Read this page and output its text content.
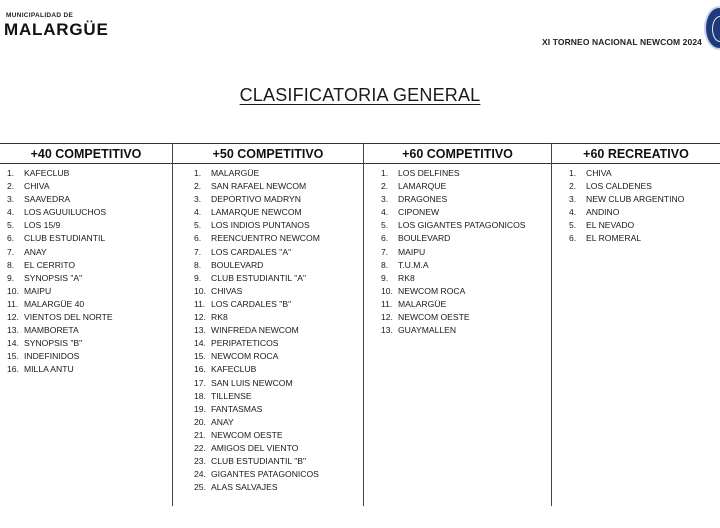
MUNICIPALIDAD DE
MALARGÜE
XI TORNEO NACIONAL NEWCOM 2024
CLASIFICATORIA GENERAL
+40 COMPETITIVO
1. KAFECLUB
2. CHIVA
3. SAAVEDRA
4. LOS AGUUILUCHOS
5. LOS 15/9
6. CLUB ESTUDIANTIL
7. ANAY
8. EL CERRITO
9. SYNOPSIS "A"
10. MAIPU
11. MALARGÜE 40
12. VIENTOS DEL NORTE
13. MAMBORETA
14. SYNOPSIS "B"
15. INDEFINIDOS
16. MILLA ANTU
+50 COMPETITIVO
1. MALARGÜE
2. SAN RAFAEL NEWCOM
3. DEPORTIVO MADRYN
4. LAMARQUE NEWCOM
5. LOS INDIOS PUNTANOS
6. REENCUENTRO NEWCOM
7. LOS CARDALES "A"
8. BOULEVARD
9. CLUB ESTUDIANTIL "A"
10. CHIVAS
11. LOS CARDALES "B"
12. RK8
13. WINFREDA NEWCOM
14. PERIPATETICOS
15. NEWCOM ROCA
16. KAFECLUB
17. SAN LUIS NEWCOM
18. TILLENSE
19. FANTASMAS
20. ANAY
21. NEWCOM OESTE
22. AMIGOS DEL VIENTO
23. CLUB ESTUDIANTIL "B"
24. GIGANTES PATAGONICOS
25. ALAS SALVAJES
+60 COMPETITIVO
1. LOS DELFINES
2. LAMARQUE
3. DRAGONES
4. CIPONEW
5. LOS GIGANTES PATAGONICOS
6. BOULEVARD
7. MAIPU
8. T.U.M.A
9. RK8
10. NEWCOM ROCA
11. MALARGÜE
12. NEWCOM OESTE
13. GUAYMALLEN
+60 RECREATIVO
1. CHIVA
2. LOS CALDENES
3. NEW CLUB ARGENTINO
4. ANDINO
5. EL NEVADO
6. EL ROMERAL
